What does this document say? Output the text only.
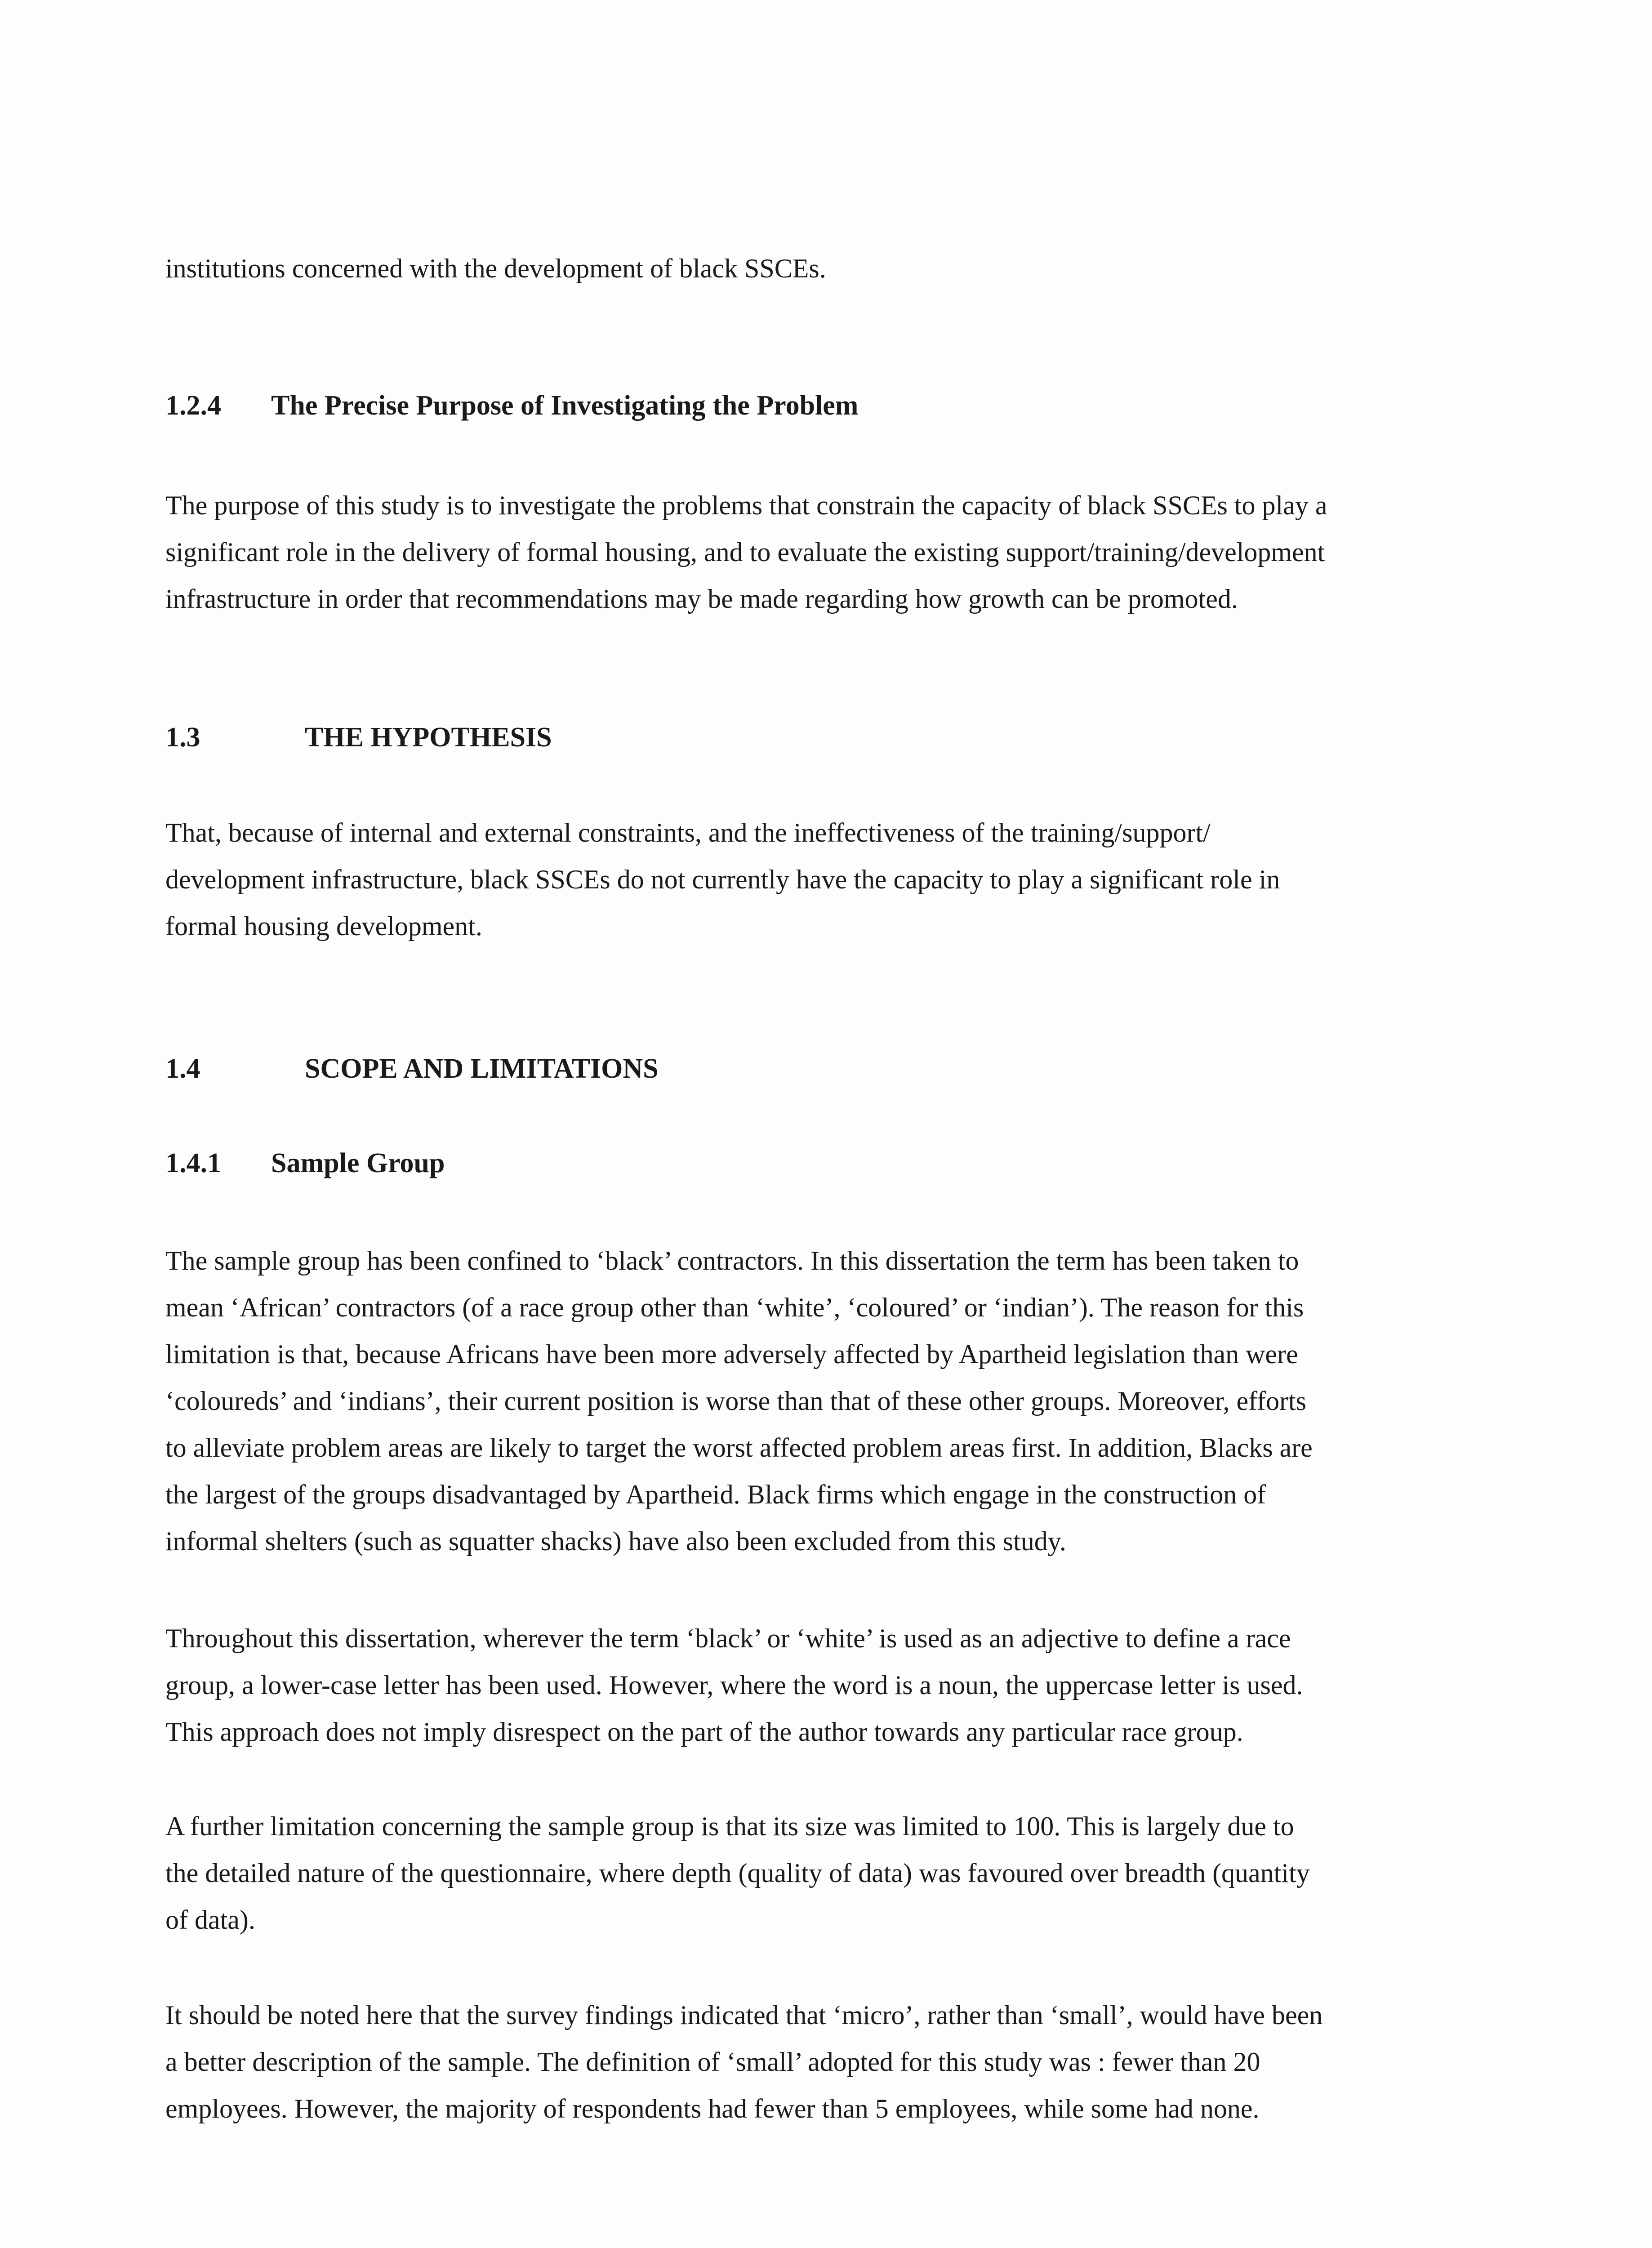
institutions concerned with the development of black SSCEs.

1.2.4 The Precise Purpose of Investigating the Problem

The purpose of this study is to investigate the problems that constrain the capacity of black SSCEs to play a
significant role in the delivery of formal housing, and to evaluate the existing support/training/development
infrastructure in order that recommendations may be made regarding how growth can be promoted.

1.3	THE HYPOTHESIS

That, because of internal and external constraints, and the ineffectiveness of the training/support/
development infrastructure, black SSCEs do not currently have the capacity to play a significant role in
formal housing development.

1.4	SCOPE AND LIMITATIONS

1.4.1 Sample Group

The sample group has been confined to ‘black’ contractors. In this dissertation the term has been taken to
mean ‘African’ contractors (of a race group other than ‘white’, ‘coloured’ or ‘indian’). The reason for this
limitation is that, because Africans have been more adversely affected by Apartheid legislation than were
‘coloureds’ and ‘indians’, their current position is worse than that of these other groups. Moreover, efforts
to alleviate problem areas are likely to target the worst affected problem areas first. In addition, Blacks are
the largest of the groups disadvantaged by Apartheid. Black firms which engage in the construction of
informal shelters (such as squatter shacks) have also been excluded from this study.

Throughout this dissertation, wherever the term ‘black’ or ‘white’ is used as an adjective to define a race
group, a lower-case letter has been used. However, where the word is a noun, the uppercase letter is used.
This approach does not imply disrespect on the part of the author towards any particular race group.

A further limitation concerning the sample group is that its size was limited to 100. This is largely due to
the detailed nature of the questionnaire, where depth (quality of data) was favoured over breadth (quantity
of data).

It should be noted here that the survey findings indicated that ‘micro’, rather than ‘small’, would have been
a better description of the sample. The definition of ‘small’ adopted for this study was : fewer than 20
employees. However, the majority of respondents had fewer than 5 employees, while some had none.
